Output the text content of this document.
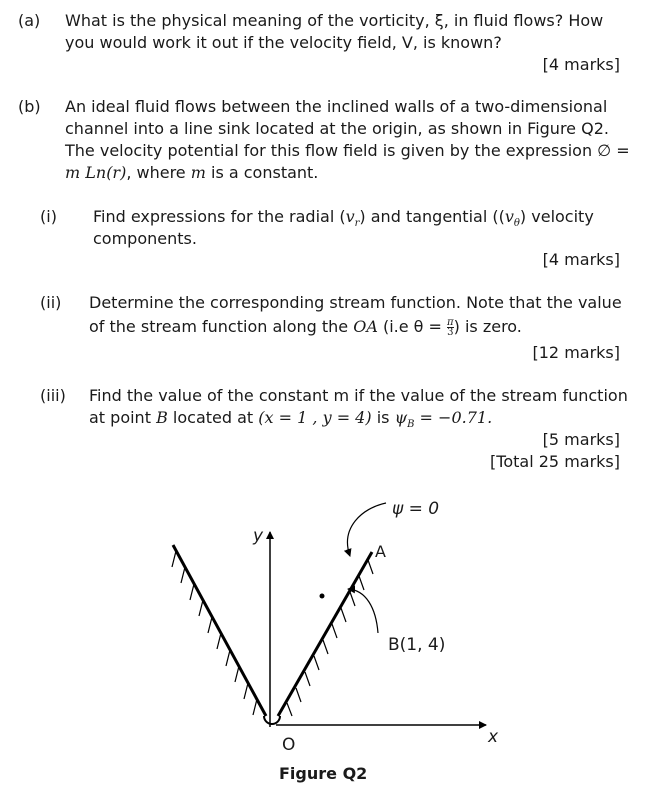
(a) What is the physical meaning of the vorticity, ξ, in fluid flows? How
you would work it out if the velocity field, V, is known?
[4 marks]
(b) An ideal fluid flows between the inclined walls of a two-dimensional
channel into a line sink located at the origin, as shown in Figure Q2.
The velocity potential for this flow field is given by the expression ∅ =
m Ln(r), where m is a constant.
(i) Find expressions for the radial $(v_r)$ and tangential ($(v_\theta)$ velocity
components.
[4 marks]
(ii) Determine the corresponding stream function. Note that the value
of the stream function along the OA (i.e $\theta = \frac{\pi}{3}$ ) is zero.
[12 marks]
(iii) Find the value of the constant m if the value of the stream function
at point B located at (x = 1 , y = 4) is $\psi_B = -0.71$.
[5 marks]
[Total 25 marks]
O
y
x
ψ = 0
A
B(1, 4)
Figure Q2
